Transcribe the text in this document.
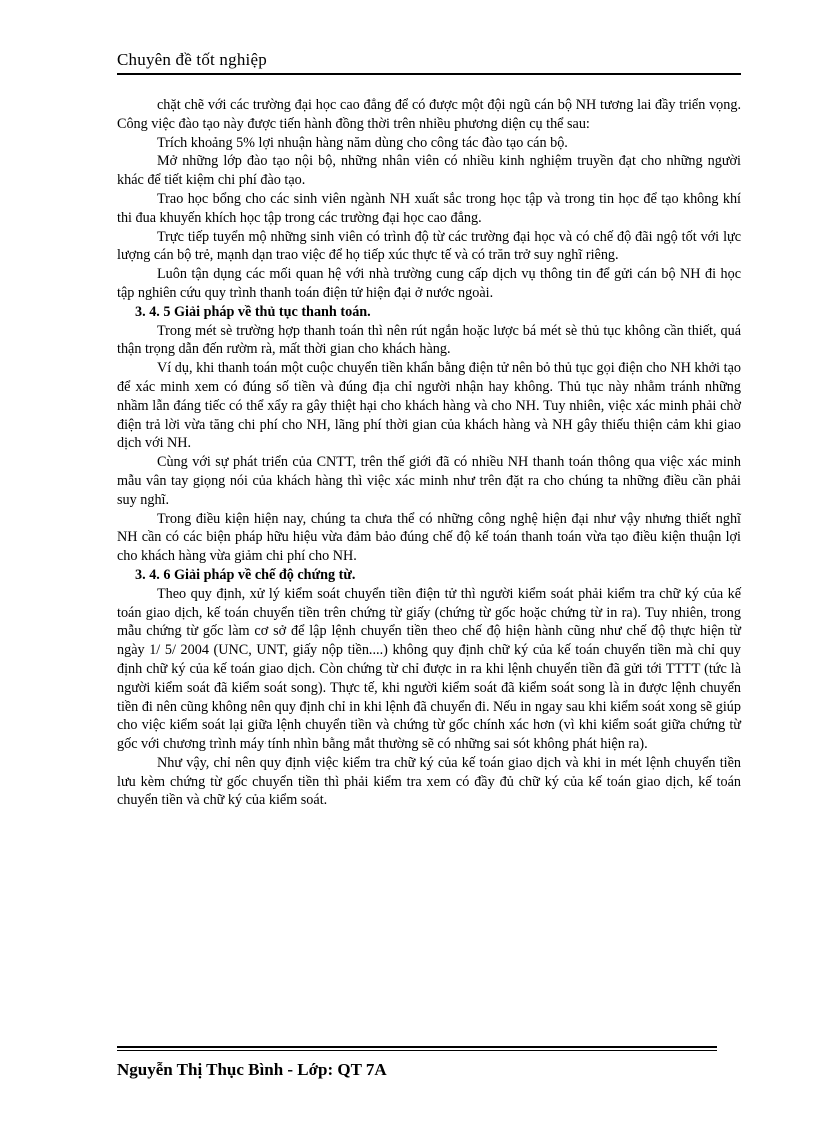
Chuyên đề tốt nghiệp

chặt chẽ với các trường đại học cao đẳng để có được một đội ngũ cán bộ NH tương lai đầy triển vọng. Công việc đào tạo này được tiến hành đồng thời trên nhiều phương diện cụ thể sau:

Trích khoảng 5% lợi nhuận hàng năm dùng cho công tác đào tạo cán bộ.

Mở những lớp đào tạo nội bộ, những nhân viên có nhiều kinh nghiệm truyền đạt cho những người khác để tiết kiệm chi phí đào tạo.

Trao học bổng cho các sinh viên ngành NH xuất sắc trong học tập và trong tin học để tạo không khí thi đua khuyến khích học tập trong các trường đại học cao đẳng.

Trực tiếp tuyển mộ những sinh viên có trình độ từ các trường đại học và có chế độ đãi ngộ tốt với lực lượng cán bộ trẻ, mạnh dạn trao việc để họ tiếp xúc thực tế và có trăn trở suy nghĩ riêng.

Luôn tận dụng các mối quan hệ với nhà trường cung cấp dịch vụ thông tin để gửi cán bộ NH đi học tập nghiên cứu quy trình thanh toán điện tử hiện đại ở nước ngoài.

3. 4. 5 Giải pháp về thủ tục thanh toán.

Trong mét sè trường hợp thanh toán thì nên rút ngắn hoặc lược bá mét sè thủ tục không cần thiết, quá thận trọng dẫn đến rườm rà, mất thời gian cho khách hàng.

Ví dụ, khi thanh toán một cuộc chuyển tiền khẩn bằng điện tử nên bỏ thủ tục gọi điện cho NH khởi tạo để xác minh xem có đúng số tiền và đúng địa chỉ người nhận hay không. Thủ tục này nhằm tránh những nhầm lẫn đáng tiếc có thể xẩy ra gây thiệt hại cho khách hàng và cho NH. Tuy nhiên, việc xác minh phải chờ điện trả lời vừa tăng chi phí cho NH, lãng phí thời gian của khách hàng và NH gây thiếu thiện cảm khi giao dịch với NH.

Cùng với sự phát triển của CNTT, trên thế giới đã có nhiều NH thanh toán thông qua việc xác minh mẫu vân tay giọng nói của khách hàng thì việc xác minh như trên đặt ra cho chúng ta những điều cần phải suy nghĩ.

Trong điều kiện hiện nay, chúng ta chưa thể có những công nghệ hiện đại như vậy nhưng thiết nghĩ NH cần có các biện pháp hữu hiệu vừa đảm bảo đúng chế độ kế toán thanh toán vừa tạo điều kiện thuận lợi cho khách hàng vừa giảm chi phí cho NH.

3. 4. 6 Giải pháp về chế độ chứng từ.

Theo quy định, xử lý kiểm soát chuyển tiền điện tử thì người kiểm soát phải kiểm tra chữ ký của kế toán giao dịch, kế toán chuyển tiền trên chứng từ giấy (chứng từ gốc hoặc chứng từ in ra). Tuy nhiên, trong mẫu chứng từ gốc làm cơ sở để lập lệnh chuyển tiền theo chế độ hiện hành cũng như chế độ thực hiện từ ngày 1/ 5/ 2004 (UNC, UNT, giấy nộp tiền....) không quy định chữ ký của kế toán chuyển tiền mà chỉ quy định chữ ký của kế toán giao dịch. Còn chứng từ chỉ được in ra khi lệnh chuyển tiền đã gửi tới TTTT (tức là người kiểm soát đã kiểm soát song). Thực tế, khi người kiểm soát đã kiểm soát song là in được lệnh chuyển tiền đi nên cũng không nên quy định chỉ in khi lệnh đã chuyển đi. Nếu in ngay sau khi kiểm soát xong sẽ giúp cho việc kiểm soát lại giữa lệnh chuyển tiền và chứng từ gốc chính xác hơn (vì khi kiểm soát giữa chứng từ gốc với chương trình máy tính nhìn bằng mắt thường sẽ có những sai sót không phát hiện ra).

Như vậy, chỉ nên quy định việc kiểm tra chữ ký của kế toán giao dịch và khi in mét lệnh chuyển tiền lưu kèm chứng từ gốc chuyển tiền thì phải kiểm tra xem có đầy đủ chữ ký của kế toán giao dịch, kế toán chuyển tiền và chữ ký của kiểm soát.

Nguyễn Thị Thục Bình - Lớp: QT 7A
